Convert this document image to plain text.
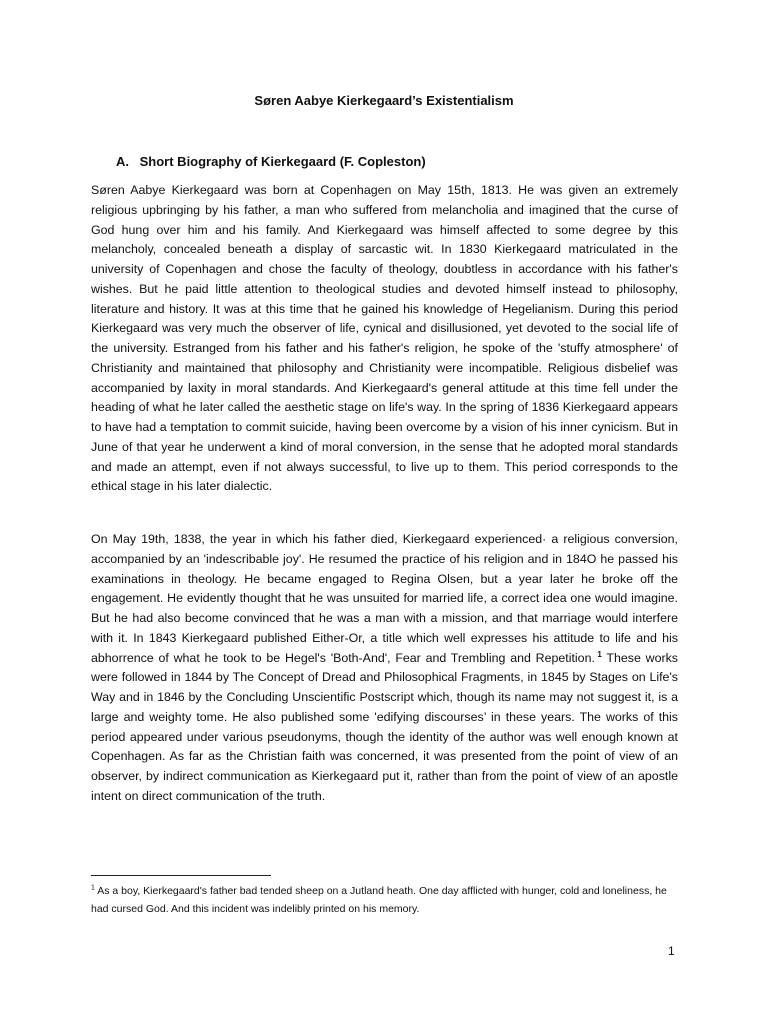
Søren Aabye Kierkegaard’s Existentialism
A. Short Biography of Kierkegaard (F. Copleston)

Søren Aabye Kierkegaard was born at Copenhagen on May 15th, 1813. He was given an extremely religious upbringing by his father, a man who suffered from melancholia and imagined that the curse of God hung over him and his family. And Kierkegaard was himself affected to some degree by this melancholy, concealed beneath a display of sarcastic wit. In 1830 Kierkegaard matriculated in the university of Copenhagen and chose the faculty of theology, doubtless in accordance with his father's wishes. But he paid little attention to theological studies and devoted himself instead to philosophy, literature and history. It was at this time that he gained his knowledge of Hegelianism. During this period Kierkegaard was very much the observer of life, cynical and disillusioned, yet devoted to the social life of the university. Estranged from his father and his father's religion, he spoke of the 'stuffy atmosphere' of Christianity and maintained that philosophy and Christianity were incompatible. Religious disbelief was accompanied by laxity in moral standards. And Kierkegaard's general attitude at this time fell under the heading of what he later called the aesthetic stage on life's way. In the spring of 1836 Kierkegaard appears to have had a temptation to commit suicide, having been overcome by a vision of his inner cynicism. But in June of that year he underwent a kind of moral conversion, in the sense that he adopted moral standards and made an attempt, even if not always successful, to live up to them. This period corresponds to the ethical stage in his later dialectic.

On May 19th, 1838, the year in which his father died, Kierkegaard experienced· a religious conversion, accompanied by an 'indescribable joy'. He resumed the practice of his religion and in 184O he passed his examinations in theology. He became engaged to Regina Olsen, but a year later he broke off the engagement. He evidently thought that he was unsuited for married life, a correct idea one would imagine. But he had also become convinced that he was a man with a mission, and that marriage would interfere with it. In 1843 Kierkegaard published Either-Or, a title which well expresses his attitude to life and his abhorrence of what he took to be Hegel's 'Both-And', Fear and Trembling and Repetition.  $^1$ These works were followed in 1844 by The Concept of Dread and Philosophical Fragments, in 1845 by Stages on Life's Way and in 1846 by the Concluding Unscientific Postscript which, though its name may not suggest it, is a large and weighty tome. He also published some 'edifying discourses’ in these years. The works of this period appeared under various pseudonyms, though the identity of the author was well enough known at Copenhagen. As far as the Christian faith was concerned, it was presented from the point of view of an observer, by indirect communication as Kierkegaard put it, rather than from the point of view of an apostle intent on direct communication of the truth.

$^1$ As a boy, Kierkegaard's father bad tended sheep on a Jutland heath. One day afflicted with hunger, cold and loneliness, he had cursed God. And this incident was indelibly printed on his memory.
1
